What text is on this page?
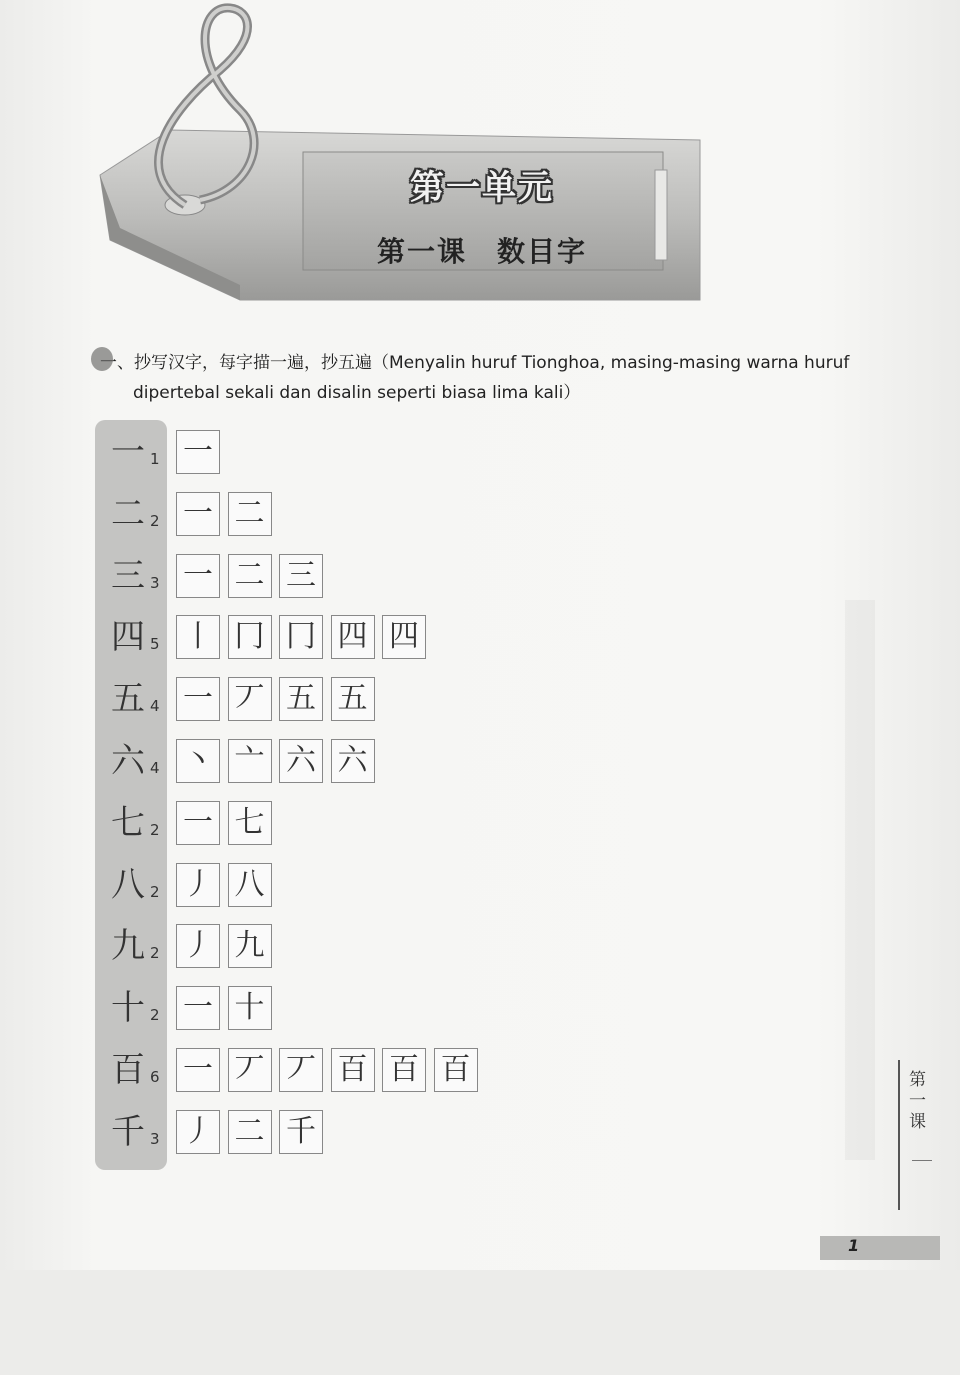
第一单元
第一课　数目字
一、抄写汉字，每字描一遍，抄五遍（Menyalin huruf Tionghoa, masing-masing warna huruf
dipertebal sekali dan disalin seperti biasa lima kali）
一 1 一
二 2 一 二
三 3 一 二 三
四 5 丨 冂 冂 四 四
五 4 一 丆 五 五
六 4 丶 亠 六 六
七 2 一 七
八 2 丿 八
九 2 丿 九
十 2 一 十
百 6 一 丆 丆 百 百 百
千 3 丿 二 千	第一课
1
